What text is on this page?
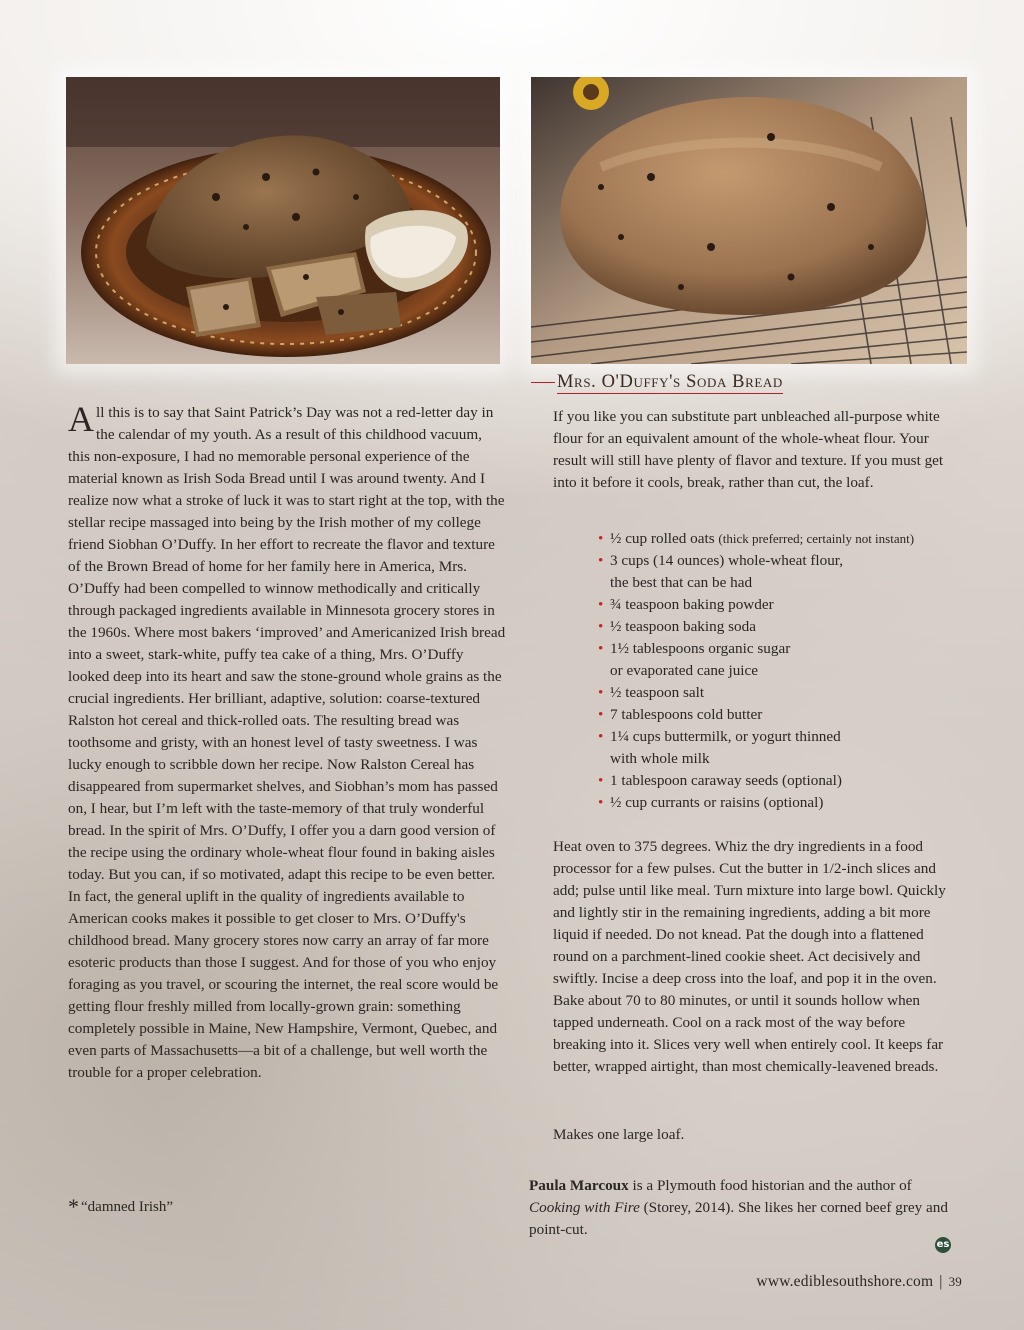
Mrs. O'Duffy's Soda Bread

All this is to say that Saint Patrick’s Day was not a red-letter day in the calendar of my youth. As a result of this childhood vacuum, this non-exposure, I had no memorable personal experience of the material known as Irish Soda Bread until I was around twenty. And I realize now what a stroke of luck it was to start right at the top, with the stellar recipe massaged into being by the Irish mother of my college friend Siobhan O’Duffy. In her effort to recreate the flavor and texture of the Brown Bread of home for her family here in America, Mrs. O’Duffy had been compelled to winnow methodically and critically through packaged ingredients available in Minnesota grocery stores in the 1960s. Where most bakers ‘improved’ and Americanized Irish bread into a sweet, stark-white, puffy tea cake of a thing, Mrs. O’Duffy looked deep into its heart and saw the stone-ground whole grains as the crucial ingredients. Her brilliant, adaptive, solution: coarse-textured Ralston hot cereal and thick-rolled oats. The resulting bread was toothsome and gristy, with an honest level of tasty sweetness. I was lucky enough to scribble down her recipe. Now Ralston Cereal has disappeared from supermarket shelves, and Siobhan’s mom has passed on, I hear, but I’m left with the taste-memory of that truly wonderful bread. In the spirit of Mrs. O’Duffy, I offer you a darn good version of the recipe using the ordinary whole-wheat flour found in baking aisles today. But you can, if so motivated, adapt this recipe to be even better. In fact, the general uplift in the quality of ingredients available to American cooks makes it possible to get closer to Mrs. O’Duffy's childhood bread. Many grocery stores now carry an array of far more esoteric products than those I suggest. And for those of you who enjoy foraging as you travel, or scouring the internet, the real score would be getting flour freshly milled from locally-grown grain: something completely possible in Maine, New Hampshire, Vermont, Quebec, and even parts of Massachusetts—a bit of a challenge, but well worth the trouble for a proper celebration.

* “damned Irish”
If you like you can substitute part unbleached all-purpose white flour for an equivalent amount of the whole-wheat flour. Your result will still have plenty of flavor and texture. If you must get into it before it cools, break, rather than cut, the loaf.
• ½ cup rolled oats (thick preferred; certainly not instant)
• 3 cups (14 ounces) whole-wheat flour,
the best that can be had
• ¾ teaspoon baking powder
• ½ teaspoon baking soda
• 1½ tablespoons organic sugar
or evaporated cane juice
• ½ teaspoon salt
• 7 tablespoons cold butter
• 1¼ cups buttermilk, or yogurt thinned
with whole milk
• 1 tablespoon caraway seeds (optional)
• ½ cup currants or raisins (optional)
Heat oven to 375 degrees. Whiz the dry ingredients in a food processor for a few pulses. Cut the butter in 1/2-inch slices and add; pulse until like meal. Turn mixture into large bowl. Quickly and lightly stir in the remaining ingredients, adding a bit more liquid if needed. Do not knead. Pat the dough into a flattened round on a parchment-lined cookie sheet. Act decisively and swiftly. Incise a deep cross into the loaf, and pop it in the oven. Bake about 70 to 80 minutes, or until it sounds hollow when tapped underneath. Cool on a rack most of the way before breaking into it. Slices very well when entirely cool. It keeps far better, wrapped airtight, than most chemically-leavened breads.
Makes one large loaf.
Paula Marcoux is a Plymouth food historian and the author of Cooking with Fire (Storey, 2014). She likes her corned beef grey and point-cut.
es
www.ediblesouthshore.com | 39
